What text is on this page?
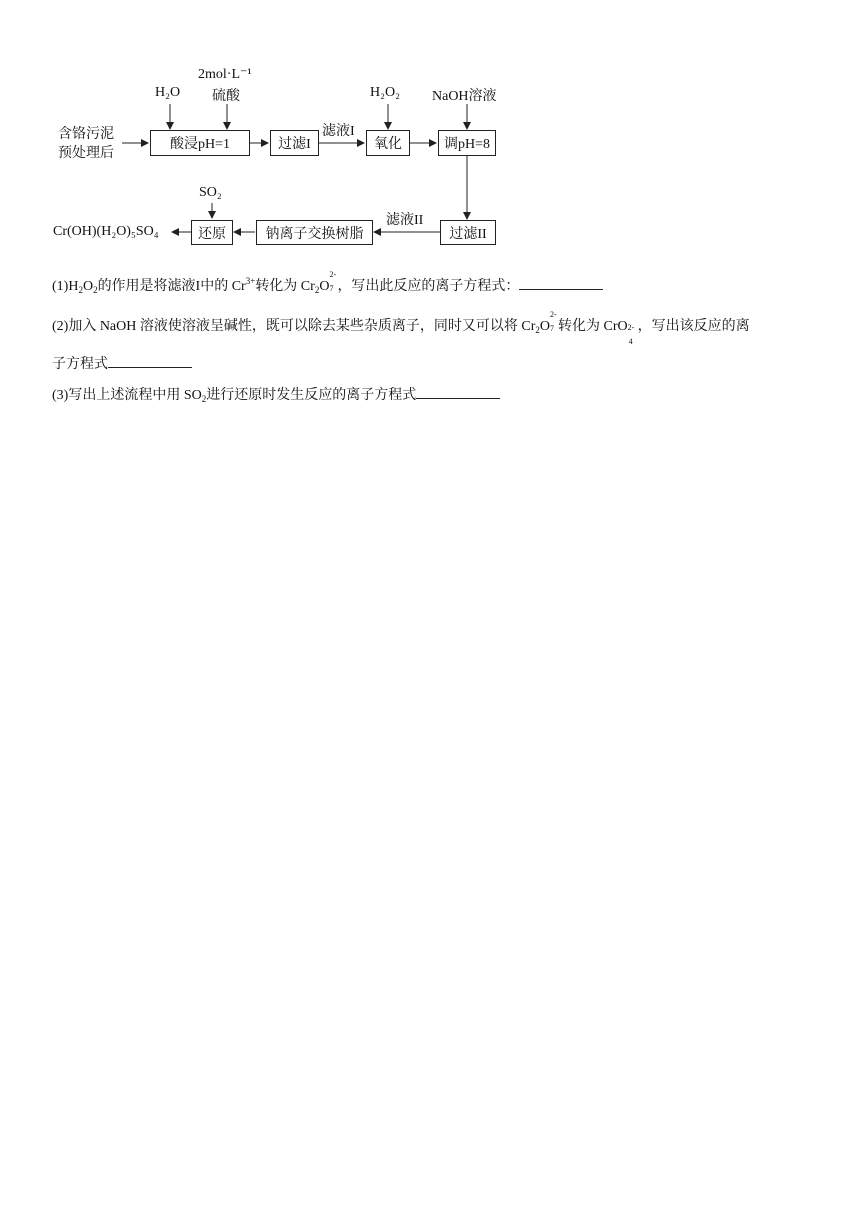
含铬污泥
预处理后
H₂O
2mol·L⁻¹
硫酸	H₂O₂ NaOH溶液
SO₂
酸浸pH=1	过滤I
滤液I
氧化	调pH=8
过滤II
滤液II
钠离子交换树脂
还原
Cr(OH)(H₂O)₅SO₄
$(1)H_2O_2$的作用是将滤液I中的 $Cr^{3+}$转化为 $Cr_2O$
2-
7 ，写出此反应的离子方程式：
(2)加入 NaOH 溶液使溶液呈碱性，既可以除去某些杂质离子，同时又可以将 $Cr_2O$
2-
7 转化为 CrO 2-
4
，写出该反应的离
子方程式
(3)写出上述流程中用 $SO_2$进行还原时发生反应的离子方程式
